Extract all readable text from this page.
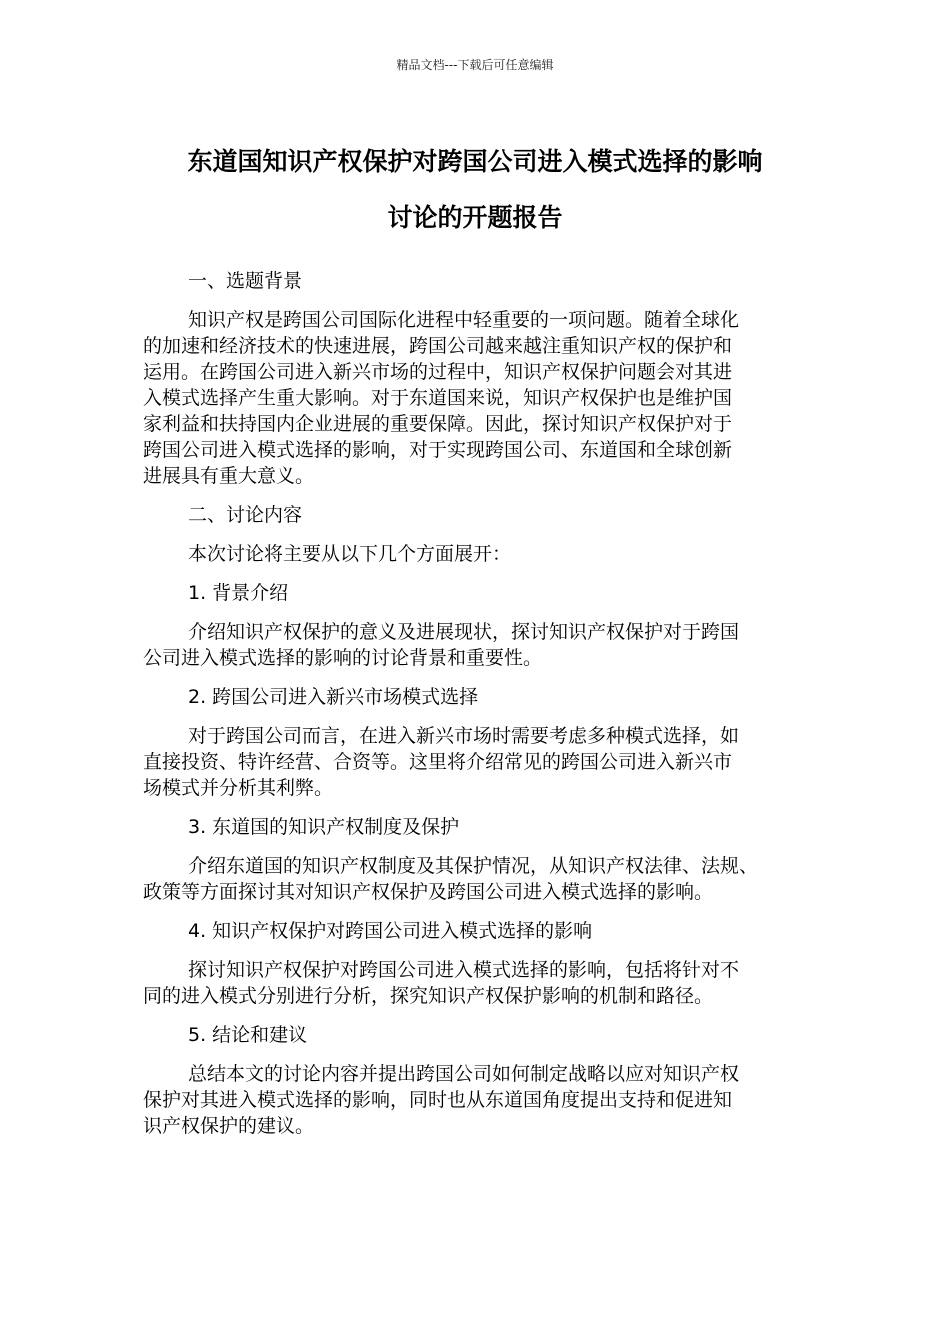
精品文档---下载后可任意编辑
东道国知识产权保护对跨国公司进入模式选择的影响
讨论的开题报告

一、选题背景

知识产权是跨国公司国际化进程中轻重要的一项问题。随着全球化
的加速和经济技术的快速进展，跨国公司越来越注重知识产权的保护和
运用。在跨国公司进入新兴市场的过程中，知识产权保护问题会对其进
入模式选择产生重大影响。对于东道国来说，知识产权保护也是维护国
家利益和扶持国内企业进展的重要保障。因此，探讨知识产权保护对于
跨国公司进入模式选择的影响，对于实现跨国公司、东道国和全球创新
进展具有重大意义。

二、讨论内容

本次讨论将主要从以下几个方面展开：

1. 背景介绍

介绍知识产权保护的意义及进展现状，探讨知识产权保护对于跨国
公司进入模式选择的影响的讨论背景和重要性。

2. 跨国公司进入新兴市场模式选择

对于跨国公司而言，在进入新兴市场时需要考虑多种模式选择，如
直接投资、特许经营、合资等。这里将介绍常见的跨国公司进入新兴市
场模式并分析其利弊。

3. 东道国的知识产权制度及保护

介绍东道国的知识产权制度及其保护情况，从知识产权法律、法规、
政策等方面探讨其对知识产权保护及跨国公司进入模式选择的影响。

4. 知识产权保护对跨国公司进入模式选择的影响

探讨知识产权保护对跨国公司进入模式选择的影响，包括将针对不
同的进入模式分别进行分析，探究知识产权保护影响的机制和路径。

5. 结论和建议

总结本文的讨论内容并提出跨国公司如何制定战略以应对知识产权
保护对其进入模式选择的影响，同时也从东道国角度提出支持和促进知
识产权保护的建议。
